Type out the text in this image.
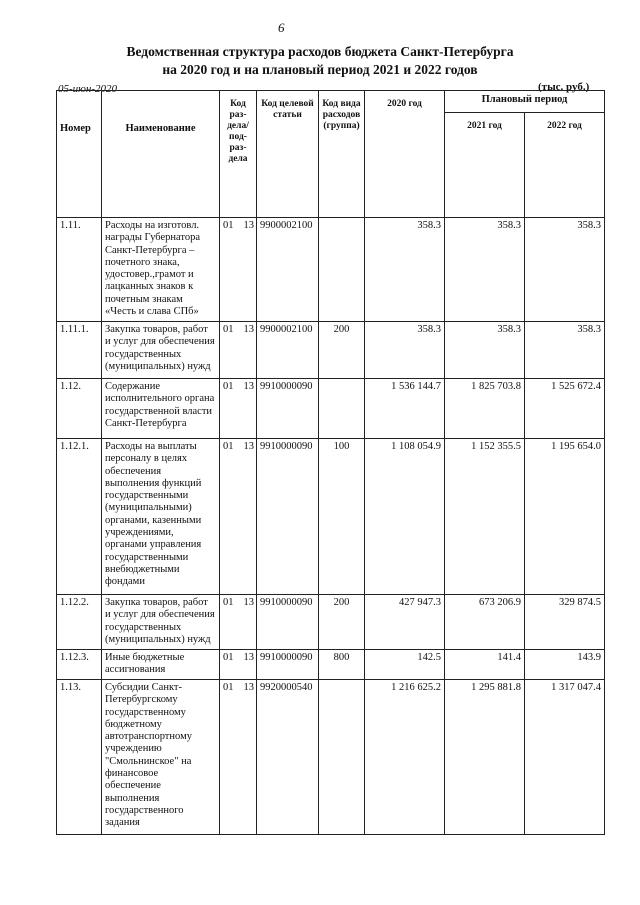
6
Ведомственная структура расходов бюджета Санкт-Петербурга
на 2020 год и на плановый период 2021 и 2022 годов
05-июн-2020	(тыс. руб.)
Номер	Наименование	Код раз- дела/ под- раз- дела	Код целевой статьи	Код вида расходов (группа)	2020 год	Плановый период	
						2021 год	2022 год
1.11.	Расходы на изготовл. награды Губернатора Санкт-Петербурга – почетного знака, удостовер.,грамот и лацканных знаков к почетным знакам «Честь и слава СПб»	01 13	9900002100		358.3	358.3	358.3
1.11.1.	Закупка товаров, работ и услуг для обеспечения государственных (муниципальных) нужд	01 13	9900002100	200	358.3	358.3	358.3
1.12.	Содержание исполнительного органа государственной власти Санкт-Петербурга	01 13	9910000090		1 536 144.7	1 825 703.8	1 525 672.4
1.12.1.	Расходы на выплаты персоналу в целях обеспечения выполнения функций государственными (муниципальными) органами, казенными учреждениями, органами управления государственными внебюджетными фондами	01 13	9910000090	100	1 108 054.9	1 152 355.5	1 195 654.0
1.12.2.	Закупка товаров, работ и услуг для обеспечения государственных (муниципальных) нужд	01 13	9910000090	200	427 947.3	673 206.9	329 874.5
1.12.3.	Иные бюджетные ассигнования	01 13	9910000090	800	142.5	141.4	143.9
1.13.	Субсидии Санкт-Петербургскому государственному бюджетному автотранспортному учреждению "Смольнинское" на финансовое обеспечение выполнения государственного задания	01 13	9920000540		1 216 625.2	1 295 881.8	1 317 047.4
